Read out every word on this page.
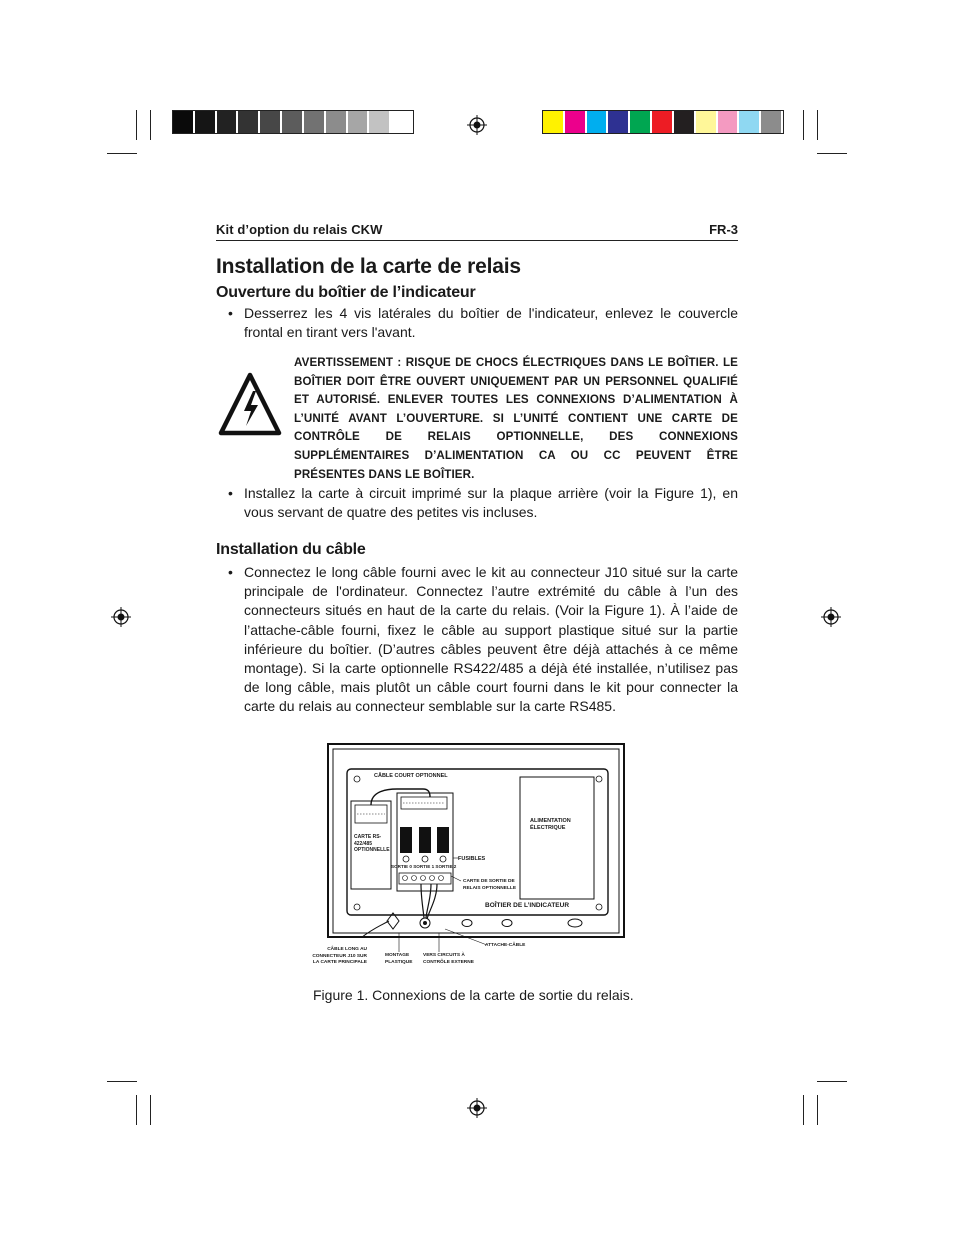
Kit d’option du relais CKW	FR-3
Installation de la carte de relais
Ouverture du boîtier de l’indicateur
• Desserrez les 4 vis latérales du boîtier de l'indicateur, enlevez le couvercle frontal en tirant vers l'avant.
AVERTISSEMENT : RISQUE DE CHOCS ÉLECTRIQUES DANS LE BOÎTIER. LE BOÎTIER DOIT ÊTRE OUVERT UNIQUEMENT PAR UN PERSONNEL QUALIFIÉ ET AUTORISÉ. ENLEVER TOUTES LES CONNEXIONS D’ALIMENTATION À L’UNITÉ AVANT L’OUVERTURE. SI L’UNITÉ CONTIENT UNE CARTE DE CONTRÔLE DE RELAIS OPTIONNELLE, DES CONNEXIONS SUPPLÉMENTAIRES D’ALIMENTATION CA OU CC PEUVENT ÊTRE PRÉSENTES DANS LE BOÎTIER.
• Installez la carte à circuit imprimé sur la plaque arrière (voir la Figure 1), en vous servant de quatre des petites vis incluses.
Installation du câble
• Connectez le long câble fourni avec le kit au connecteur J10 situé sur la carte principale de l'ordinateur. Connectez l’autre extrémité du câble à l’un des connecteurs situés en haut de la carte du relais. (Voir la Figure 1). À l’aide de l’attache-câble fourni, fixez le câble au support plastique situé sur la partie inférieure du boîtier. (D’autres câbles peuvent être déjà attachés à ce même montage). Si la carte optionnelle RS422/485 a déjà été installée, n’utilisez pas de long câble, mais plutôt un câble court fourni dans le kit pour connecter la carte du relais au connecteur semblable sur la carte RS485.
CÂBLE COURT OPTIONNEL
CARTE RS-
422/485
OPTIONNELLE
ALIMENTATION
ÉLECTRIQUE
FUSIBLES
SORTIE 0 SORTIE 1 SORTIE 2
CARTE DE SORTIE DE
RELAIS OPTIONNELLE
BOÎTIER DE L’INDICATEUR
CÂBLE LONG AU
CONNECTEUR J10 SUR
LA CARTE PRINCIPALE
MONTAGE
PLASTIQUE
VERS CIRCUITS À
CONTRÔLE EXTERNE
ATTACHE-CÂBLE
Figure 1. Connexions de la carte de sortie du relais.
